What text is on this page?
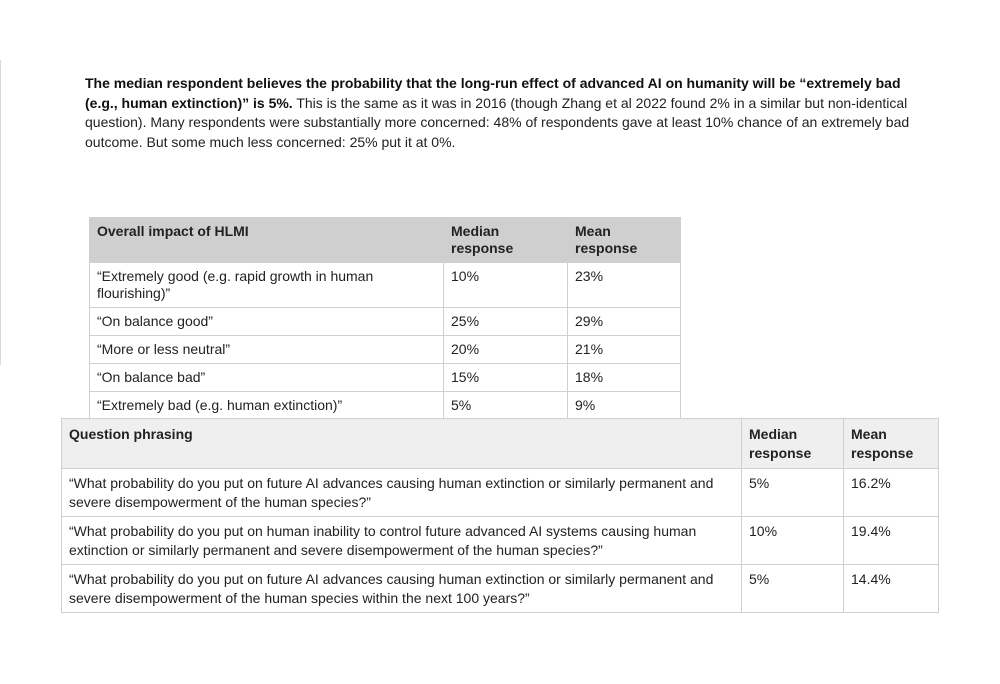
The median respondent believes the probability that the long-run effect of advanced AI on humanity will be “extremely bad (e.g., human extinction)” is 5%. This is the same as it was in 2016 (though Zhang et al 2022 found 2% in a similar but non-identical question). Many respondents were substantially more concerned: 48% of respondents gave at least 10% chance of an extremely bad outcome. But some much less concerned: 25% put it at 0%.

Overall impact of HLMI	Median response	Mean response
“Extremely good (e.g. rapid growth in human flourishing)”	10%	23%
“On balance good”	25%	29%
“More or less neutral”	20%	21%
“On balance bad”	15%	18%
“Extremely bad (e.g. human extinction)”	5%	9%
Question phrasing	Median response	Mean response
“What probability do you put on future AI advances causing human extinction or similarly permanent and severe disempowerment of the human species?”	5%	16.2%
“What probability do you put on human inability to control future advanced AI systems causing human extinction or similarly permanent and severe disempowerment of the human species?”	10%	19.4%
“What probability do you put on future AI advances causing human extinction or similarly permanent and severe disempowerment of the human species within the next 100 years?”	5%	14.4%
